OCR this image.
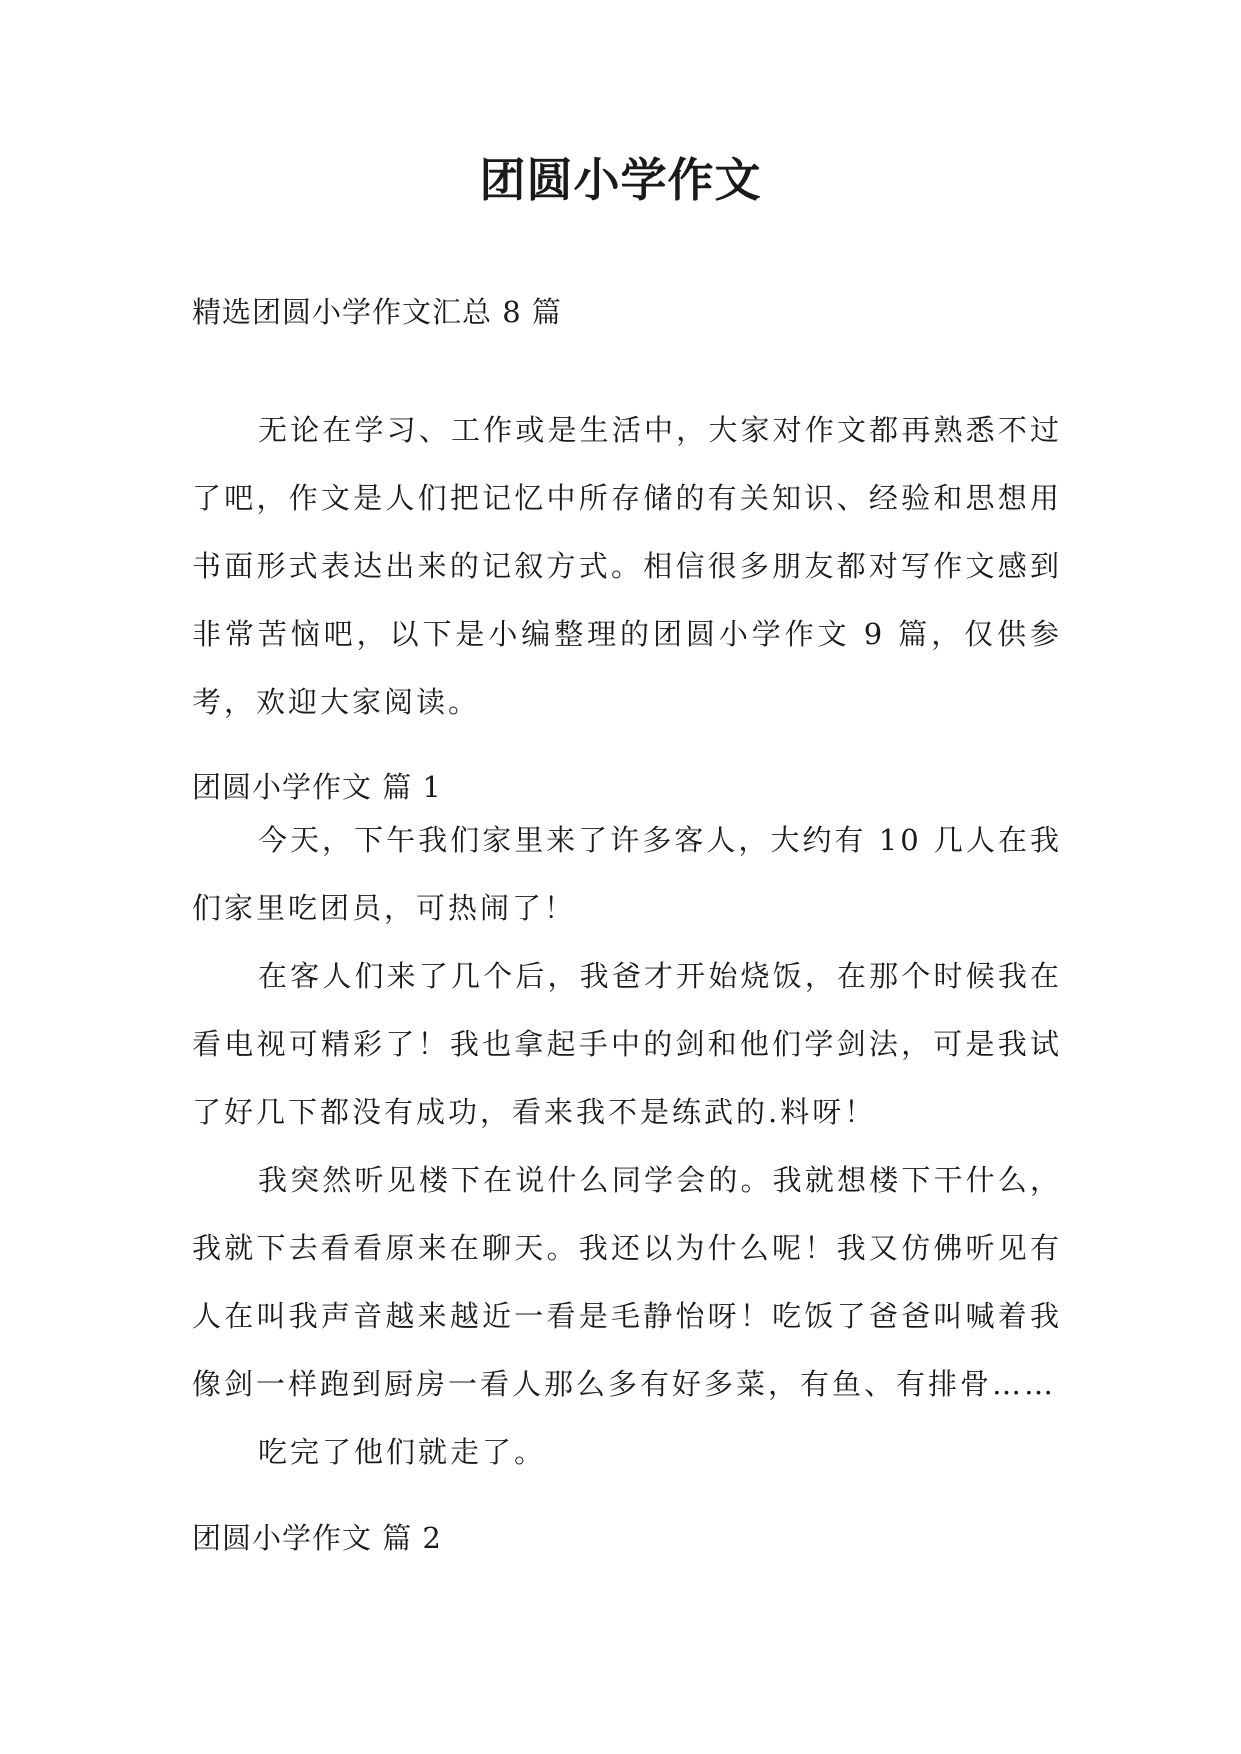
团圆小学作文
精选团圆小学作文汇总 8 篇

无论在学习、工作或是生活中，大家对作文都再熟悉不过了吧，作文是人们把记忆中所存储的有关知识、经验和思想用书面形式表达出来的记叙方式。相信很多朋友都对写作文感到非常苦恼吧，以下是小编整理的团圆小学作文 9 篇，仅供参考，欢迎大家阅读。

团圆小学作文 篇 1

今天，下午我们家里来了许多客人，大约有 10 几人在我们家里吃团员，可热闹了！

在客人们来了几个后，我爸才开始烧饭，在那个时候我在看电视可精彩了！我也拿起手中的剑和他们学剑法，可是我试了好几下都没有成功，看来我不是练武的.料呀！

我突然听见楼下在说什么同学会的。我就想楼下干什么，我就下去看看原来在聊天。我还以为什么呢！我又仿佛听见有人在叫我声音越来越近一看是毛静怡呀！吃饭了爸爸叫喊着我像剑一样跑到厨房一看人那么多有好多菜，有鱼、有排骨……

吃完了他们就走了。

团圆小学作文 篇 2
